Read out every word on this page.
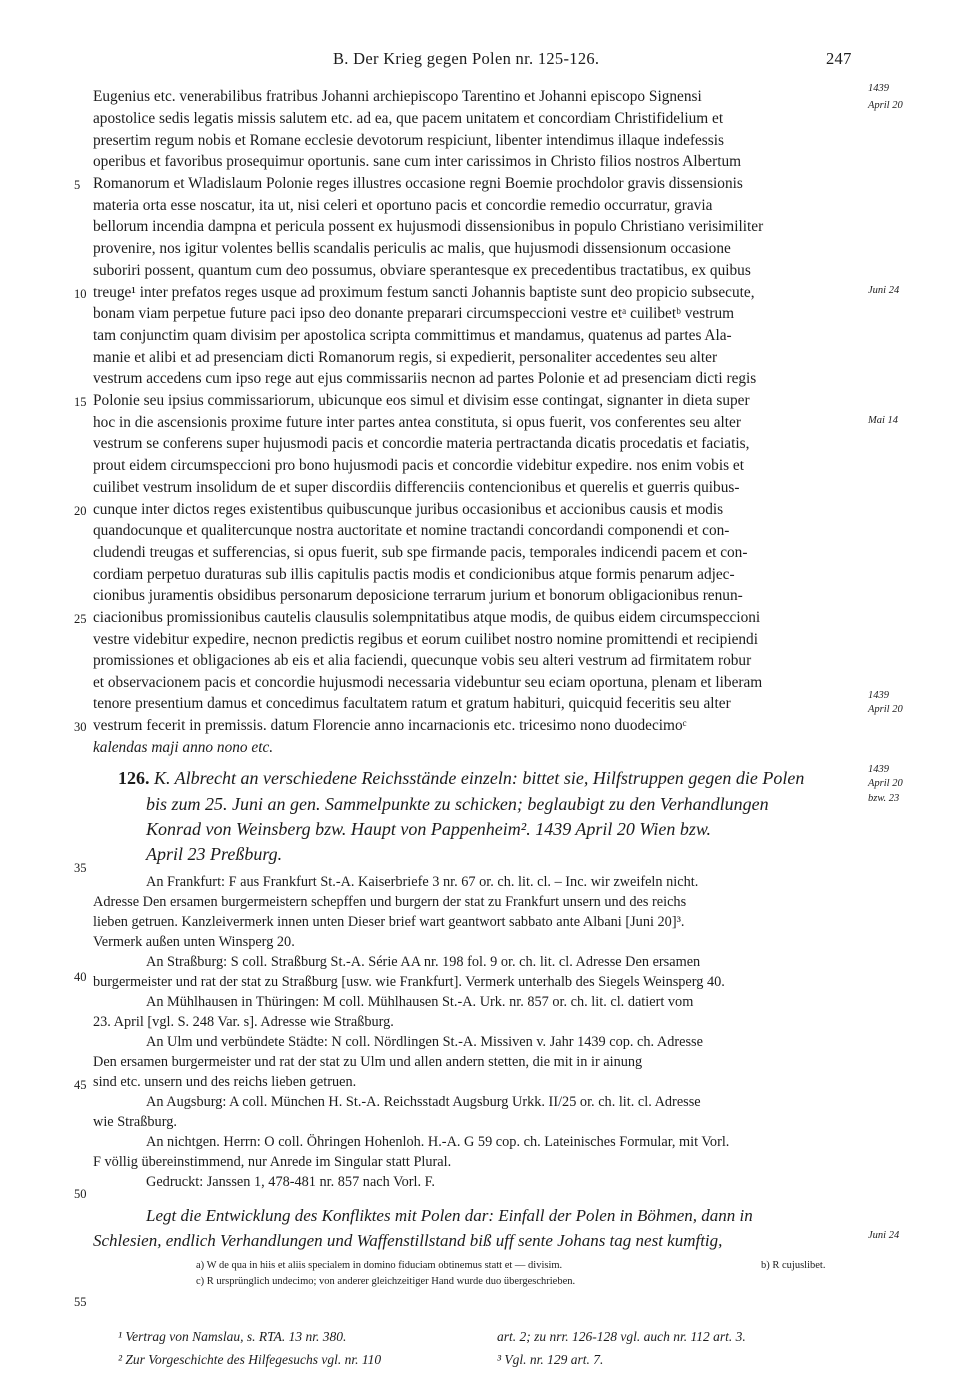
B. Der Krieg gegen Polen nr. 125-126.	247
Eugenius etc. venerabilibus fratribus Johanni archiepiscopo Tarentino et Johanni episcopo Signensi
apostolice sedis legatis missis salutem etc. ad ea, que pacem unitatem et concordiam Christifidelium et
presertim regum nobis et Romane ecclesie devotorum respiciunt, libenter intendimus illaque indefessis
operibus et favoribus prosequimur oportunis. sane cum inter carissimos in Christo filios nostros Albertum
Romanorum et Wladislaum Polonie reges illustres occasione regni Boemie prochdolor gravis dissensionis
materia orta esse noscatur, ita ut, nisi celeri et oportuno pacis et concordie remedio occurratur, gravia
bellorum incendia dampna et pericula possent ex hujusmodi dissensionibus in populo Christiano verisimiliter
provenire, nos igitur volentes bellis scandalis periculis ac malis, que hujusmodi dissensionum occasione
suboriri possent, quantum cum deo possumus, obviare sperantesque ex precedentibus tractatibus, ex quibus
treuge¹ inter prefatos reges usque ad proximum festum sancti Johannis baptiste sunt deo propicio subsecute,
bonam viam perpetue future paci ipso deo donante preparari circumspeccioni vestre etᵃ cuilibetᵇ vestrum
tam conjunctim quam divisim per apostolica scripta committimus et mandamus, quatenus ad partes Ala-
manie et alibi et ad presenciam dicti Romanorum regis, si expedierit, personaliter accedentes seu alter
vestrum accedens cum ipso rege aut ejus commissariis necnon ad partes Polonie et ad presenciam dicti regis
Polonie seu ipsius commissariorum, ubicunque eos simul et divisim esse contingat, signanter in dieta super
hoc in die ascensionis proxime future inter partes antea constituta, si opus fuerit, vos conferentes seu alter
vestrum se conferens super hujusmodi pacis et concordie materia pertractanda dicatis procedatis et faciatis,
prout eidem circumspeccioni pro bono hujusmodi pacis et concordie videbitur expedire. nos enim vobis et
cuilibet vestrum insolidum de et super discordiis differenciis contencionibus et querelis et guerris quibus-
cunque inter dictos reges existentibus quibuscunque juribus occasionibus et accionibus causis et modis
quandocunque et qualitercunque nostra auctoritate et nomine tractandi concordandi componendi et con-
cludendi treugas et sufferencias, si opus fuerit, sub spe firmande pacis, temporales indicendi pacem et con-
cordiam perpetuo duraturas sub illis capitulis pactis modis et condicionibus atque formis penarum adjec-
cionibus juramentis obsidibus personarum deposicione terrarum jurium et bonorum obligacionibus renun-
ciacionibus promissionibus cautelis clausulis solempnitatibus atque modis, de quibus eidem circumspeccioni
vestre videbitur expedire, necnon predictis regibus et eorum cuilibet nostro nomine promittendi et recipiendi
promissiones et obligaciones ab eis et alia faciendi, quecunque vobis seu alteri vestrum ad firmitatem robur
et observacionem pacis et concordie hujusmodi necessaria videbuntur seu eciam oportuna, plenam et liberam
tenore presentium damus et concedimus facultatem ratum et gratum habituri, quicquid feceritis seu alter
vestrum fecerit in premissis. datum Florencie anno incarnacionis etc. tricesimo nono duodecimoᶜ
kalendas maji anno nono etc.
5
10
15
20
25
30
35
40
45
50
55
1439
April 20
Juni 24
Mai 14
1439
April 20
1439
April 20
bzw. 23
Juni 24
126. K. Albrecht an verschiedene Reichsstände einzeln: bittet sie, Hilfstruppen gegen die Polen
bis zum 25. Juni an gen. Sammelpunkte zu schicken; beglaubigt zu den Verhandlungen
Konrad von Weinsberg bzw. Haupt von Pappenheim². 1439 April 20 Wien bzw.
April 23 Preßburg.
An Frankfurt: F aus Frankfurt St.-A. Kaiserbriefe 3 nr. 67 or. ch. lit. cl. – Inc. wir zweifeln nicht.
Adresse Den ersamen burgermeistern schepffen und burgern der stat zu Frankfurt unsern und des reichs
lieben getruen. Kanzleivermerk innen unten Dieser brief wart geantwort sabbato ante Albani [Juni 20]³.
Vermerk außen unten Winsperg 20.
An Straßburg: S coll. Straßburg St.-A. Série AA nr. 198 fol. 9 or. ch. lit. cl. Adresse Den ersamen
burgermeister und rat der stat zu Straßburg [usw. wie Frankfurt]. Vermerk unterhalb des Siegels Weinsperg 40.
An Mühlhausen in Thüringen: M coll. Mühlhausen St.-A. Urk. nr. 857 or. ch. lit. cl. datiert vom
23. April [vgl. S. 248 Var. s]. Adresse wie Straßburg.
An Ulm und verbündete Städte: N coll. Nördlingen St.-A. Missiven v. Jahr 1439 cop. ch. Adresse
Den ersamen burgermeister und rat der stat zu Ulm und allen andern stetten, die mit in ir ainung
sind etc. unsern und des reichs lieben getruen.
An Augsburg: A coll. München H. St.-A. Reichsstadt Augsburg Urkk. II/25 or. ch. lit. cl. Adresse
wie Straßburg.
An nichtgen. Herrn: O coll. Öhringen Hohenloh. H.-A. G 59 cop. ch. Lateinisches Formular, mit Vorl.
F völlig übereinstimmend, nur Anrede im Singular statt Plural.
Gedruckt: Janssen 1, 478-481 nr. 857 nach Vorl. F.
Legt die Entwicklung des Konfliktes mit Polen dar: Einfall der Polen in Böhmen, dann in
Schlesien, endlich Verhandlungen und Waffenstillstand biß uff sente Johans tag nest kumftig,
a) W de qua in hiis et aliis specialem in domino fiduciam obtinemus statt et — divisim.	b) R cujuslibet.
c) R ursprünglich undecimo; von anderer gleichzeitiger Hand wurde duo übergeschrieben.
¹ Vertrag von Namslau, s. RTA. 13 nr. 380.	art. 2; zu nrr. 126-128 vgl. auch nr. 112 art. 3.
² Zur Vorgeschichte des Hilfegesuchs vgl. nr. 110	³ Vgl. nr. 129 art. 7.
